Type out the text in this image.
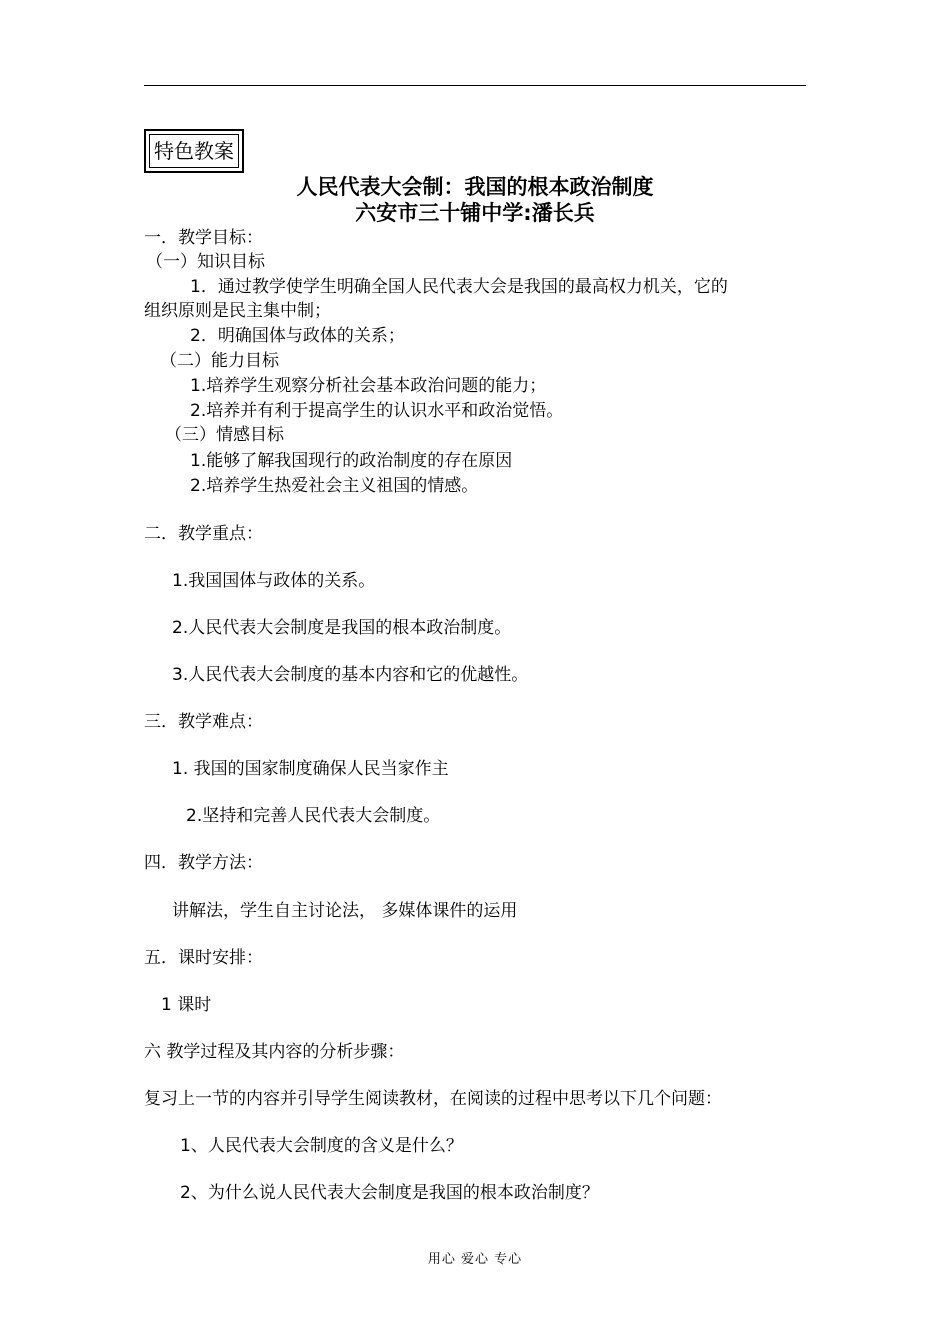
特色教案
人民代表大会制：我国的根本政治制度
六安市三十铺中学:潘长兵
一．教学目标：
（一）知识目标
1．通过教学使学生明确全国人民代表大会是我国的最高权力机关，它的
组织原则是民主集中制；
2．明确国体与政体的关系；
（二）能力目标
1.培养学生观察分析社会基本政治问题的能力；
2.培养并有利于提高学生的认识水平和政治觉悟。
（三）情感目标
1.能够了解我国现行的政治制度的存在原因
2.培养学生热爱社会主义祖国的情感。
二．教学重点：
1.我国国体与政体的关系。
2.人民代表大会制度是我国的根本政治制度。
3.人民代表大会制度的基本内容和它的优越性。
三．教学难点：
1. 我国的国家制度确保人民当家作主
2.坚持和完善人民代表大会制度。
四．教学方法：
讲解法，学生自主讨论法， 多媒体课件的运用
五．课时安排：
1 课时
六 教学过程及其内容的分析步骤：
复习上一节的内容并引导学生阅读教材，在阅读的过程中思考以下几个问题：
1、人民代表大会制度的含义是什么？
2、为什么说人民代表大会制度是我国的根本政治制度？
用心 爱心 专心
